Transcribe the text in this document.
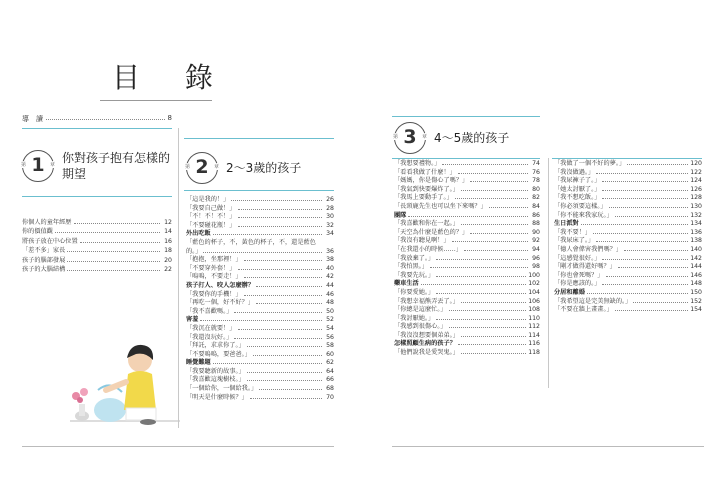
目 錄
導　讀	8
第 1	章 你對孩子抱有怎樣的
期望
你個人的童年經歷	12
你的價值觀	14
將孩子放在中心位置	16
「差不多」家長	18
孩子的腦部發展	20
孩子的大腦結構	22
第 2	章 2～3歲的孩子
「這是我的！」	26
「我要自己做！」	28
「不！不！不！」	30
「不要碰花瓶！」	32
外出吃飯	34
「藍色的杯子，不，黃色的杯子，不，還是藍色
的。」	36
「抱抱，坐那裡！」	38
「不要穿外套！」	40
「嗚嗚，不要走！」	42
孩子打人、咬人怎麼辦？	44
「我要你的手機！」	46
「再吃一個，好不好？」	48
「我不喜歡嗎。」	50
害羞	52
「我沉在就要！」	54
「我還沒玩好。」	56
「拜託，求求你了。」	58
「不要嗚嗚，要爸爸。」	60
睡覺難題	62
「我要聽新的故事。」	64
「我喜歡這塊樹枝。」	66
「一個給你，一個給我。」	68
「明天是什麼時候？」	70
第 3	章 4～5歲的孩子
「我想要禮物。」	74
「看看我做了什麼！」	76
「媽媽，你是傷心了嗎？」	78
「我氣到快要爆炸了。」	80
「我馬上要動手了。」	82
「長頸鹿先生也可以坐下來嗎？」	84
團隊	86
「我喜歡和你在一起。」	88
「天空為什麼是藍色的？」	90
「我沒有聽見啊！」	92
「在我還小的時候……」	94
「我放棄了。」	96
「我怕黑。」	98
「我要先玩。」	100
藥車生活	102
「你要愛她。」	104
「我想幸福熊弄丟了。」	106
「你總是這麼忙。」	108
「我討厭她。」	110
「我感到很傷心。」	112
「我沒沒想要個弟弟。」	114
怎樣照顧生病的孩子？	116
「他們說我是愛哭鬼。」	118
「我做了一個不好的夢。」	120
「我沒做過。」	122
「我尿褲子了。」	124
「她太討厭了。」	126
「我不想吃飯。」	128
「你必須要這樣。」	130
「你不能來我家玩。」	132
生日派對	134
「我不要！」	136
「我尿床了。」	138
「德人會偉害我們嗎？」	140
「這感覺很好。」	142
「剛才做得還好嗎？」	144
「你也會死嗎？」	146
「你是應該的。」	148
分居和離婚	150
「我希望這是完美無缺的。」	152
「不要在牆上畫畫。」	154
